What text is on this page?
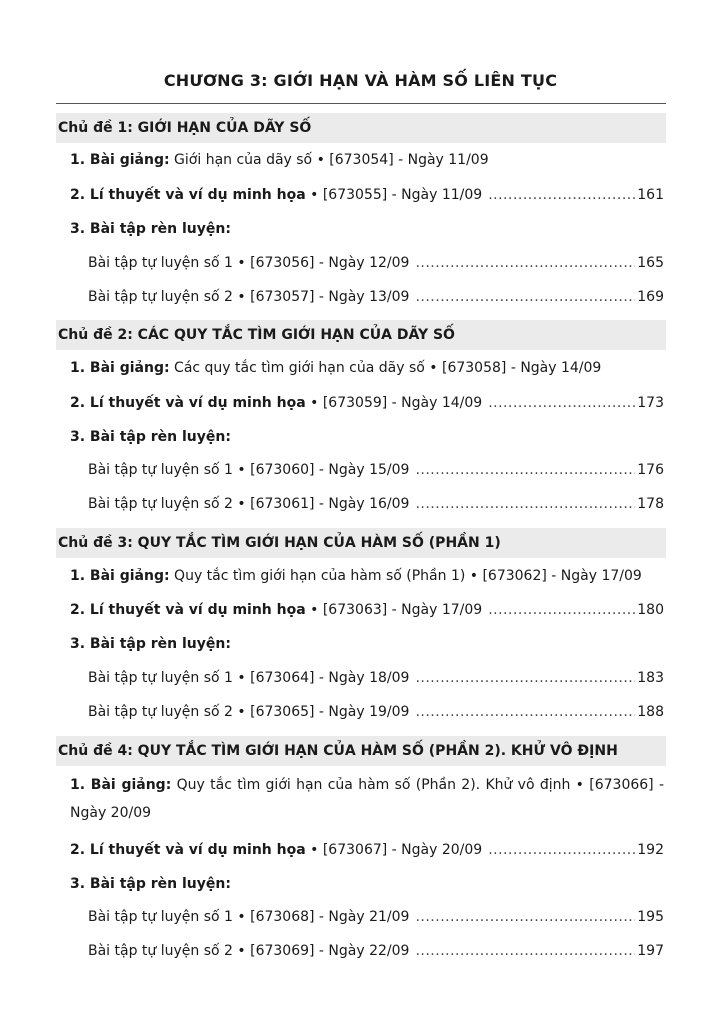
CHƯƠNG 3: GIỚI HẠN VÀ HÀM SỐ LIÊN TỤC
Chủ đề 1: GIỚI HẠN CỦA DÃY SỐ
1. Bài giảng: Giới hạn của dãy số • [673054] - Ngày 11/09
2. Lí thuyết và ví dụ minh họa
• [673055] - Ngày 11/09 .....	161
3. Bài tập rèn luyện:
Bài tập tự luyện số 1 • [673056] - Ngày 12/09 .....	165
Bài tập tự luyện số 2 • [673057] - Ngày 13/09 .....	169
Chủ đề 2: CÁC QUY TẮC TÌM GIỚI HẠN CỦA DÃY SỐ
1. Bài giảng: Các quy tắc tìm giới hạn của dãy số • [673058] - Ngày 14/09
2. Lí thuyết và ví dụ minh họa
• [673059] - Ngày 14/09 .....	173
3. Bài tập rèn luyện:
Bài tập tự luyện số 1 • [673060] - Ngày 15/09 .....	176
Bài tập tự luyện số 2 • [673061] - Ngày 16/09 .....	178
Chủ đề 3: QUY TẮC TÌM GIỚI HẠN CỦA HÀM SỐ (PHẦN 1)
1. Bài giảng: Quy tắc tìm giới hạn của hàm số (Phần 1) • [673062] - Ngày 17/09
2. Lí thuyết và ví dụ minh họa
• [673063] - Ngày 17/09 .....	180
3. Bài tập rèn luyện:
Bài tập tự luyện số 1 • [673064] - Ngày 18/09 .....	183
Bài tập tự luyện số 2 • [673065] - Ngày 19/09 .....	188
Chủ đề 4: QUY TẮC TÌM GIỚI HẠN CỦA HÀM SỐ (PHẦN 2). KHỬ VÔ ĐỊNH
1. Bài giảng: Quy tắc tìm giới hạn của hàm số (Phần 2). Khử vô định • [673066] - Ngày 20/09
2. Lí thuyết và ví dụ minh họa
• [673067] - Ngày 20/09 .....	192
3. Bài tập rèn luyện:
Bài tập tự luyện số 1 • [673068] - Ngày 21/09 .....	195
Bài tập tự luyện số 2 • [673069] - Ngày 22/09 .....	197
